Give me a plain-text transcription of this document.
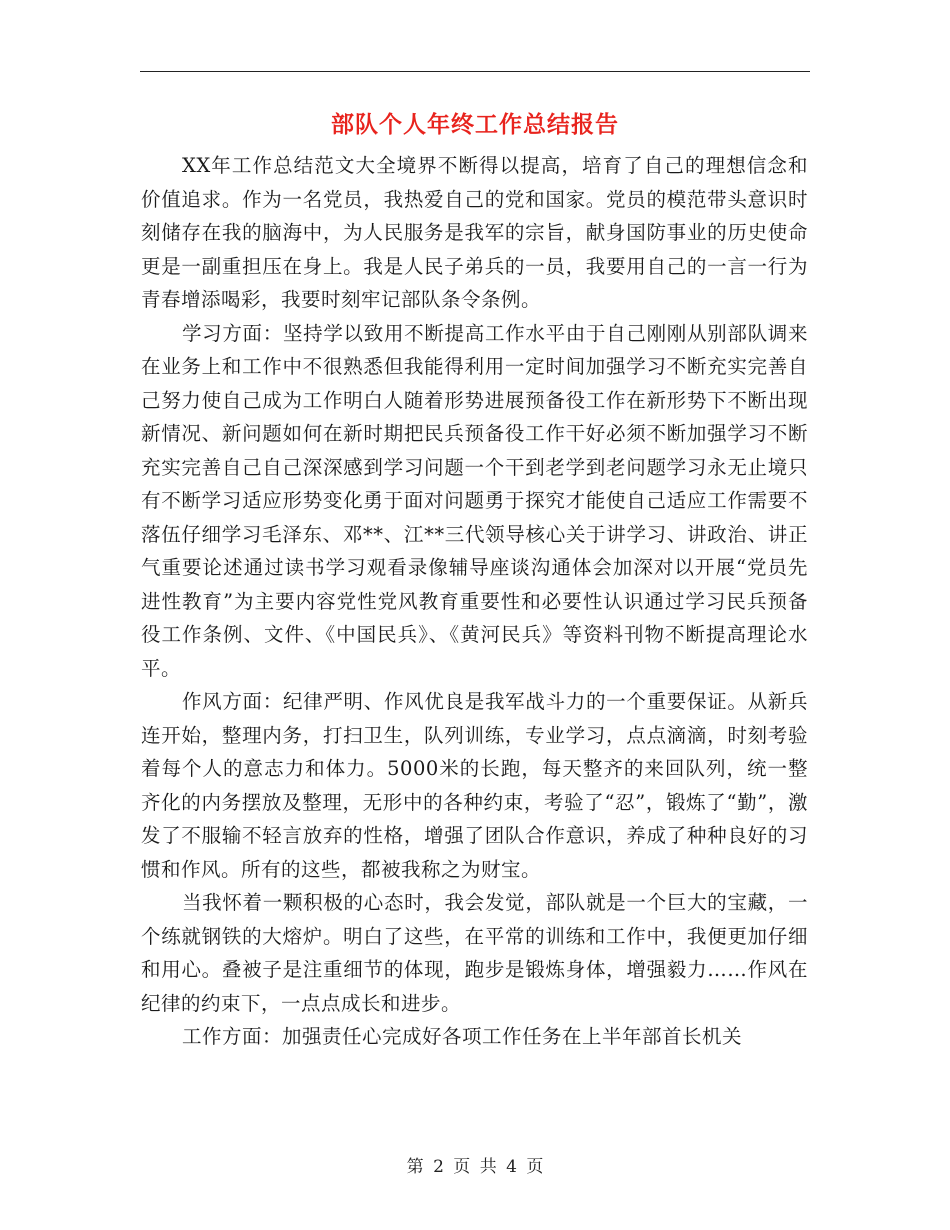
部队个人年终工作总结报告

XX年工作总结范文大全境界不断得以提高，培育了自己的理想信念和价值追求。作为一名党员，我热爱自己的党和国家。党员的模范带头意识时刻储存在我的脑海中，为人民服务是我军的宗旨，献身国防事业的历史使命更是一副重担压在身上。我是人民子弟兵的一员，我要用自己的一言一行为青春增添喝彩，我要时刻牢记部队条令条例。

学习方面：坚持学以致用不断提高工作水平由于自己刚刚从别部队调来在业务上和工作中不很熟悉但我能得利用一定时间加强学习不断充实完善自己努力使自己成为工作明白人随着形势进展预备役工作在新形势下不断出现新情况、新问题如何在新时期把民兵预备役工作干好必须不断加强学习不断充实完善自己自己深深感到学习问题一个干到老学到老问题学习永无止境只有不断学习适应形势变化勇于面对问题勇于探究才能使自己适应工作需要不落伍仔细学习毛泽东、邓**、江**三代领导核心关于讲学习、讲政治、讲正气重要论述通过读书学习观看录像辅导座谈沟通体会加深对以开展“党员先进性教育”为主要内容党性党风教育重要性和必要性认识通过学习民兵预备役工作条例、文件、《中国民兵》、《黄河民兵》等资料刊物不断提高理论水平。

作风方面：纪律严明、作风优良是我军战斗力的一个重要保证。从新兵连开始，整理内务，打扫卫生，队列训练，专业学习，点点滴滴，时刻考验着每个人的意志力和体力。5000米的长跑，每天整齐的来回队列，统一整齐化的内务摆放及整理，无形中的各种约束，考验了“忍”，锻炼了“勤”，激发了不服输不轻言放弃的性格，增强了团队合作意识，养成了种种良好的习惯和作风。所有的这些，都被我称之为财宝。

当我怀着一颗积极的心态时，我会发觉，部队就是一个巨大的宝藏，一个练就钢铁的大熔炉。明白了这些，在平常的训练和工作中，我便更加仔细和用心。叠被子是注重细节的体现，跑步是锻炼身体，增强毅力……作风在纪律的约束下，一点点成长和进步。

工作方面：加强责任心完成好各项工作任务在上半年部首长机关

第 2 页 共 4 页
